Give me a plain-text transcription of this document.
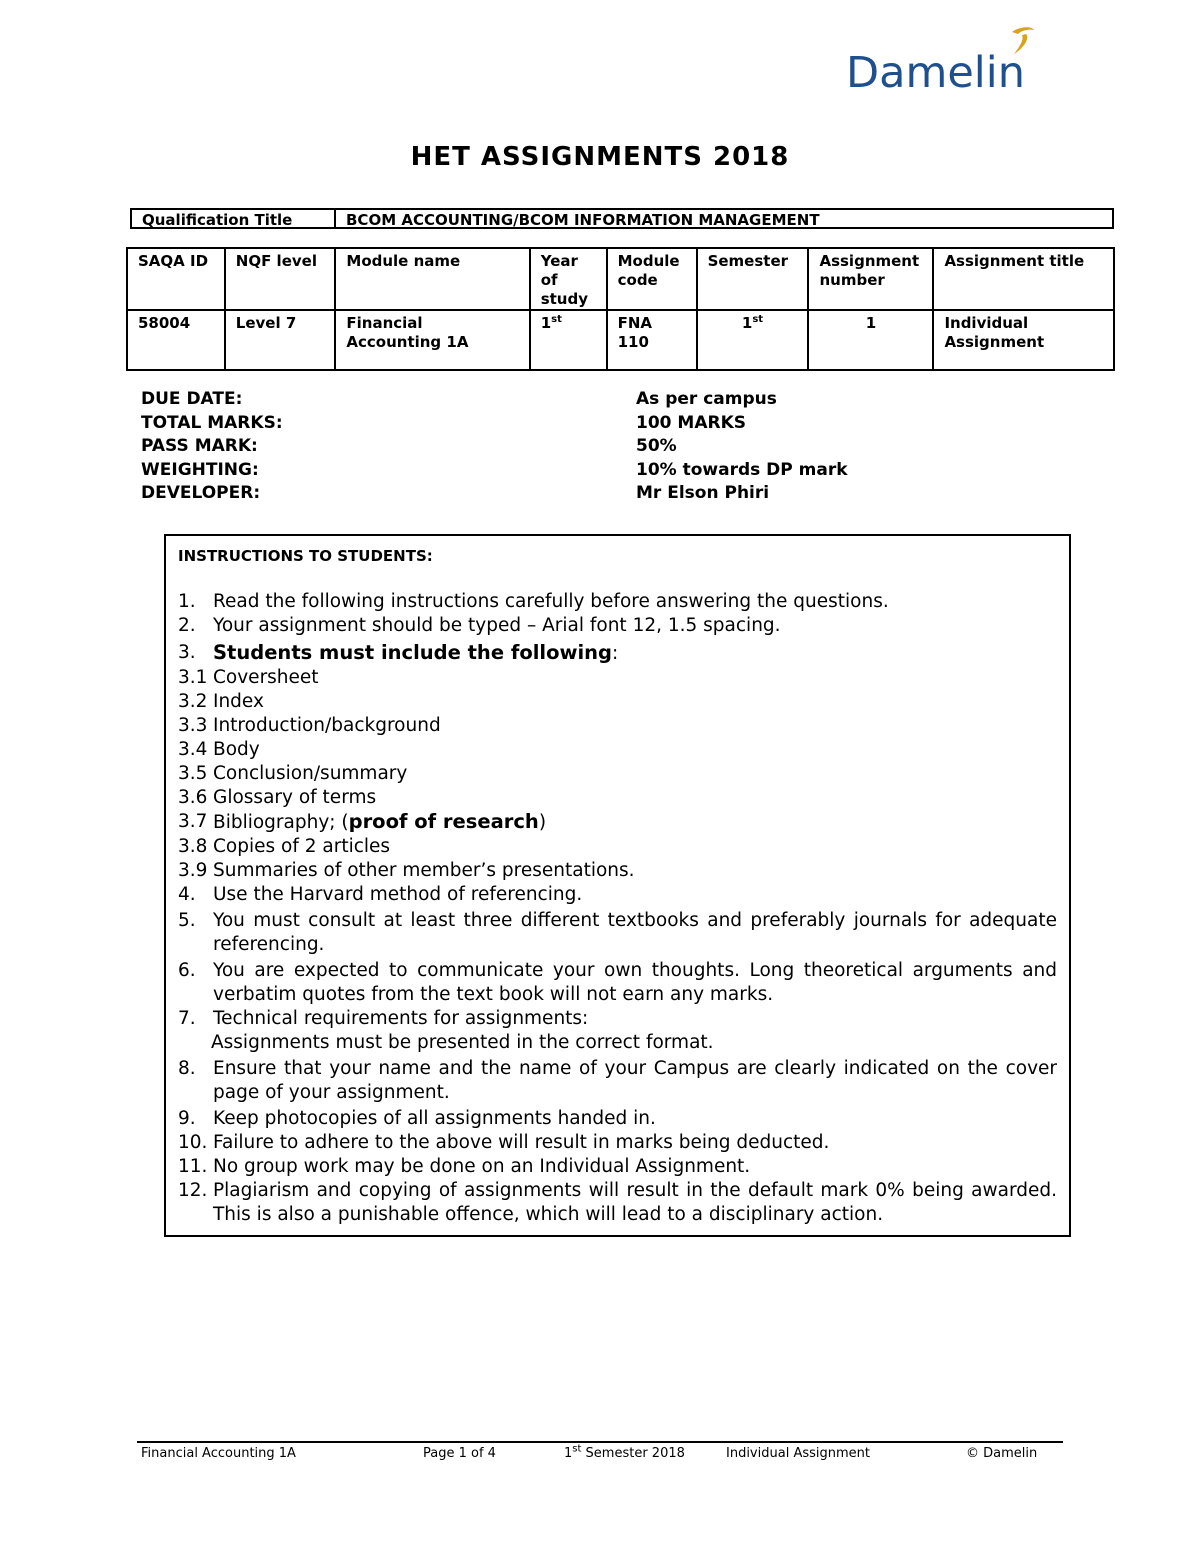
Damelin
HET ASSIGNMENTS 2018
Qualification Title	BCOM ACCOUNTING/BCOM INFORMATION MANAGEMENT
SAQA ID	NQF level	Module name	Year of study	Module code	Semester	Assignment number	Assignment title
58004	Level 7	Financial Accounting 1A	1st	FNA 110	1st	1	Individual Assignment
DUE DATE:	As per campus
TOTAL MARKS:	100 MARKS
PASS MARK:	50%
WEIGHTING:	10% towards DP mark
DEVELOPER:	Mr Elson Phiri
INSTRUCTIONS TO STUDENTS:
1. Read the following instructions carefully before answering the questions.
2. Your assignment should be typed – Arial font 12, 1.5 spacing.
3. Students must include the following:
3.1 Coversheet
3.2 Index
3.3 Introduction/background
3.4 Body
3.5 Conclusion/summary
3.6 Glossary of terms
3.7 Bibliography; (proof of research)
3.8 Copies of 2 articles
3.9 Summaries of other member’s presentations.
4. Use the Harvard method of referencing.
5. You must consult at least three different textbooks and preferably journals for adequate referencing.
6. You are expected to communicate your own thoughts. Long theoretical arguments and verbatim quotes from the text book will not earn any marks.
7. Technical requirements for assignments:
Assignments must be presented in the correct format.
8. Ensure that your name and the name of your Campus are clearly indicated on the cover page of your assignment.
9. Keep photocopies of all assignments handed in.
10. Failure to adhere to the above will result in marks being deducted.
11. No group work may be done on an Individual Assignment.
12. Plagiarism and copying of assignments will result in the default mark 0% being awarded. This is also a punishable offence, which will lead to a disciplinary action.
Financial Accounting 1A	Page 1 of 4	1st Semester 2018	Individual Assignment	© Damelin
